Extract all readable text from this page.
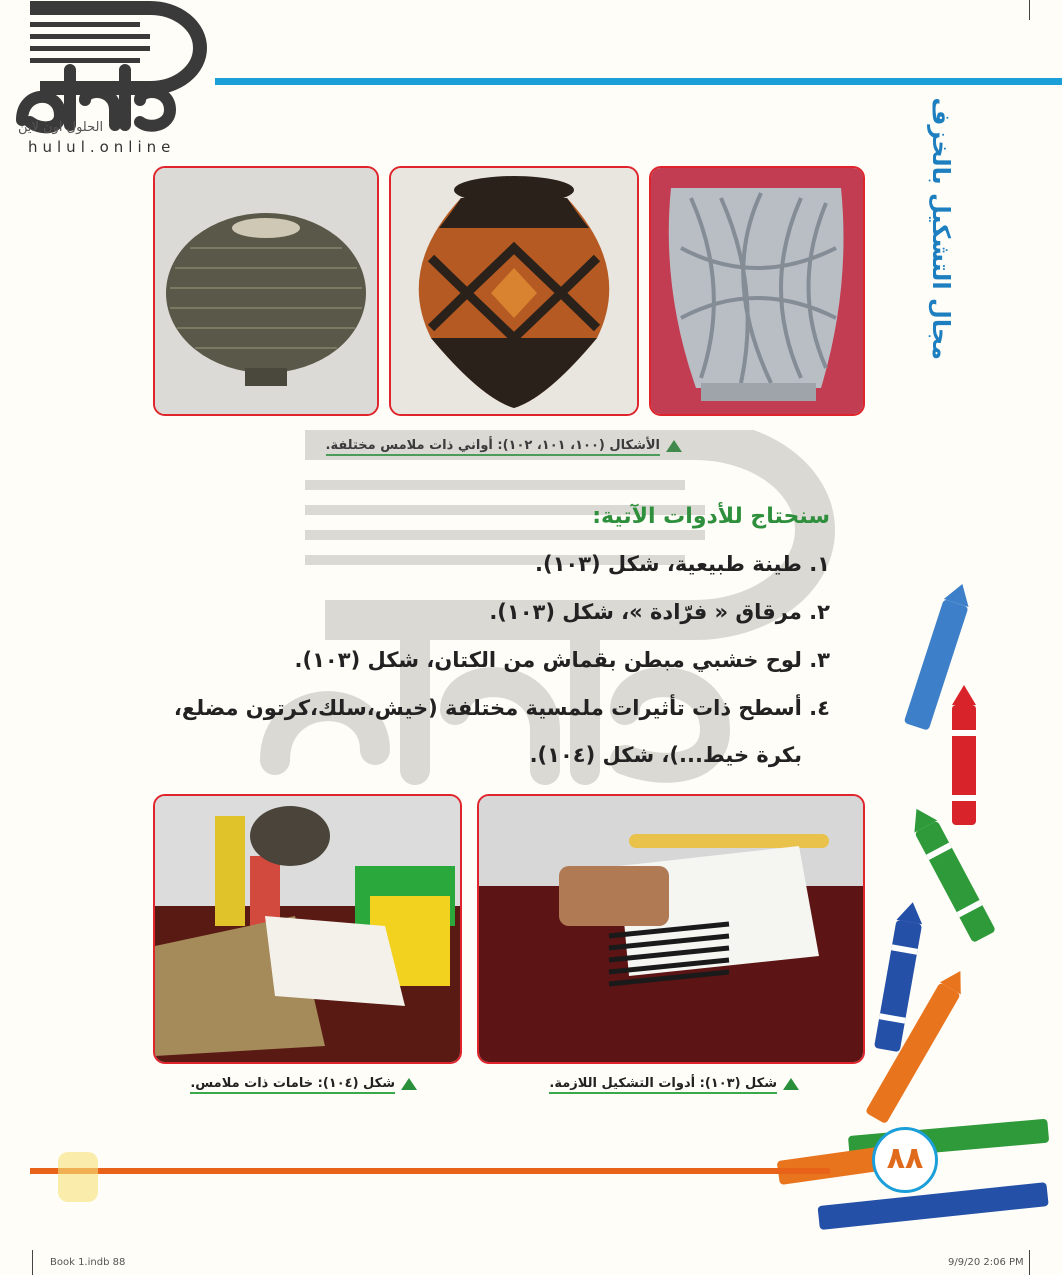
الحلول اون لاين
hulul.online	مجال التشكيل بالخزف
الأشكال (١٠٠، ١٠١، ١٠٢): أواني ذات ملامس مختلفة.
سنحتاج للأدوات الآتية:
١. طينة طبيعية، شكل (١٠٣).
٢. مرقاق « فرّادة »، شكل (١٠٣).
٣. لوح خشبي مبطن بقماش من الكتان، شكل (١٠٣).
٤. أسطح ذات تأثيرات ملمسية مختلفة (خيش،سلك،كرتون مضلع،
بكرة خيط...)، شكل (١٠٤).
شكل (١٠٣): أدوات التشكيل اللازمة.
شكل (١٠٤): خامات ذات ملامس.
٨٨
Book 1.indb 88	9/9/20 2:06 PM
